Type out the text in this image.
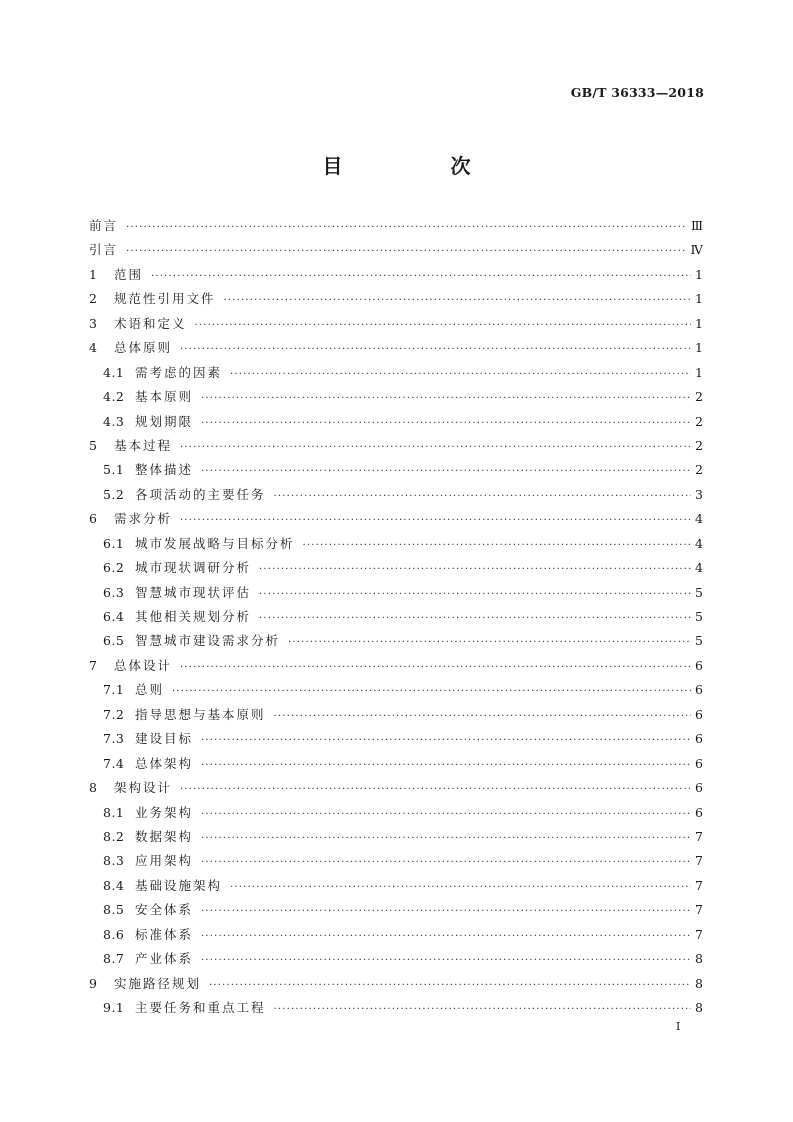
GB/T 36333—2018
目　次
前言 ·····	Ⅲ
引言 ·····	Ⅳ
1	范围 ·····	1
2	规范性引用文件 ·····	1
3	术语和定义 ·····	1
4	总体原则 ·····	1
4.1 需考虑的因素 ·····	1
4.2 基本原则 ·····	2
4.3 规划期限 ·····	2
5	基本过程 ·····	2
5.1 整体描述 ·····	2
5.2 各项活动的主要任务 ·····	3
6	需求分析 ·····	4
6.1 城市发展战略与目标分析 ·····	4
6.2 城市现状调研分析 ·····	4
6.3 智慧城市现状评估 ·····	5
6.4 其他相关规划分析 ·····	5
6.5 智慧城市建设需求分析 ·····	5
7	总体设计 ·····	6
7.1 总则 ·····	6
7.2 指导思想与基本原则 ·····	6
7.3 建设目标 ·····	6
7.4 总体架构 ·····	6
8	架构设计 ·····	6
8.1 业务架构 ·····	6
8.2 数据架构 ·····	7
8.3 应用架构 ·····	7
8.4 基础设施架构 ·····	7
8.5 安全体系 ·····	7
8.6 标准体系 ·····	7
8.7 产业体系 ·····	8
9	实施路径规划 ·····	8
9.1 主要任务和重点工程 ·····	8
Ⅰ
